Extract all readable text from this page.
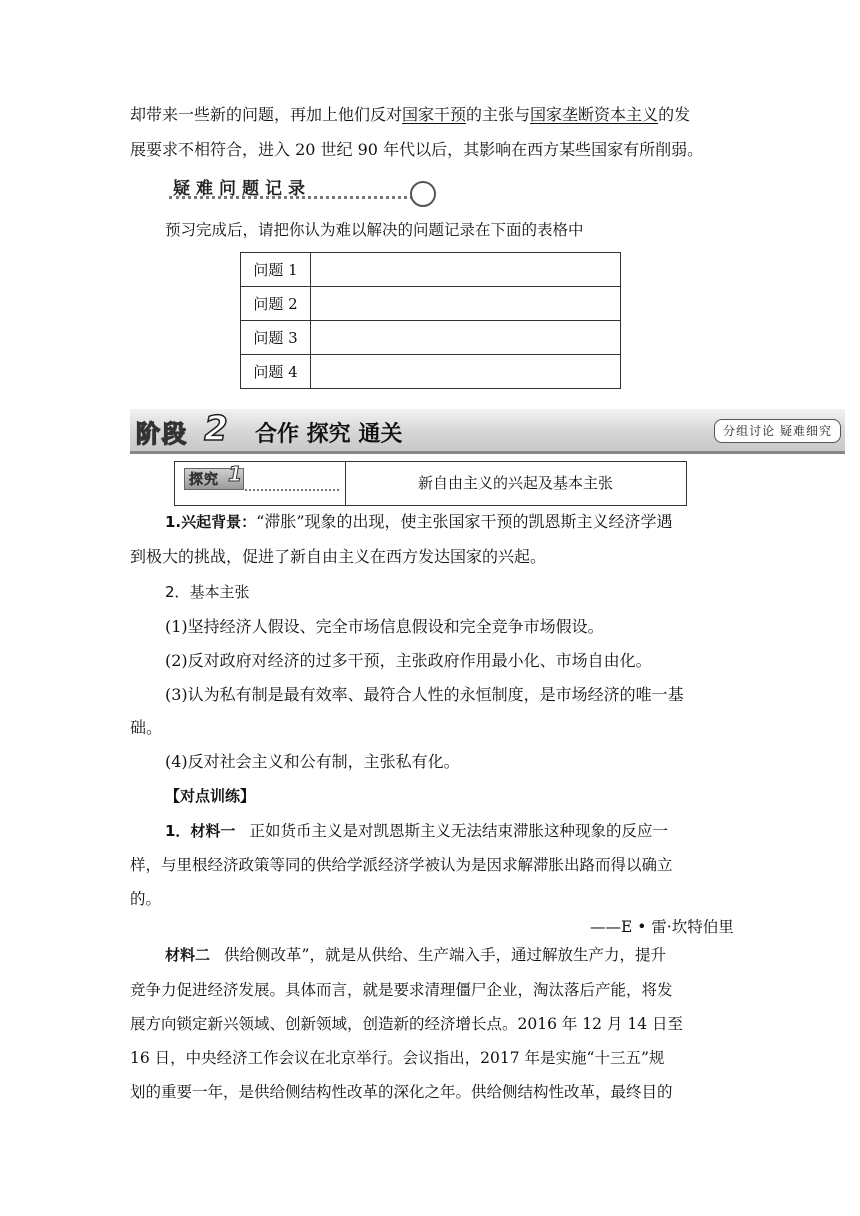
却带来一些新的问题，再加上他们反对国家干预的主张与国家垄断资本主义的发
展要求不相符合，进入 20 世纪 90 年代以后，其影响在西方某些国家有所削弱。
疑难问题记录
预习完成后，请把你认为难以解决的问题记录在下面的表格中
问题 1	
问题 2	
问题 3	
问题 4	
阶段 2 合作 探究 通关	分组讨论 疑难细究
探究 1	新自由主义的兴起及基本主张
1.兴起背景：“滞胀”现象的出现，使主张国家干预的凯恩斯主义经济学遇
到极大的挑战，促进了新自由主义在西方发达国家的兴起。
2．基本主张
(1)坚持经济人假设、完全市场信息假设和完全竞争市场假设。
(2)反对政府对经济的过多干预，主张政府作用最小化、市场自由化。
(3)认为私有制是最有效率、最符合人性的永恒制度，是市场经济的唯一基
础。
(4)反对社会主义和公有制，主张私有化。
【对点训练】
1．材料一 正如货币主义是对凯恩斯主义无法结束滞胀这种现象的反应一
样，与里根经济政策等同的供给学派经济学被认为是因求解滞胀出路而得以确立
的。
——E • 雷·坎特伯里
材料二 供给侧改革”，就是从供给、生产端入手，通过解放生产力，提升
竞争力促进经济发展。具体而言，就是要求清理僵尸企业，淘汰落后产能，将发
展方向锁定新兴领域、创新领域，创造新的经济增长点。2016 年 12 月 14 日至
16 日，中央经济工作会议在北京举行。会议指出，2017 年是实施“十三五”规
划的重要一年，是供给侧结构性改革的深化之年。供给侧结构性改革，最终目的
